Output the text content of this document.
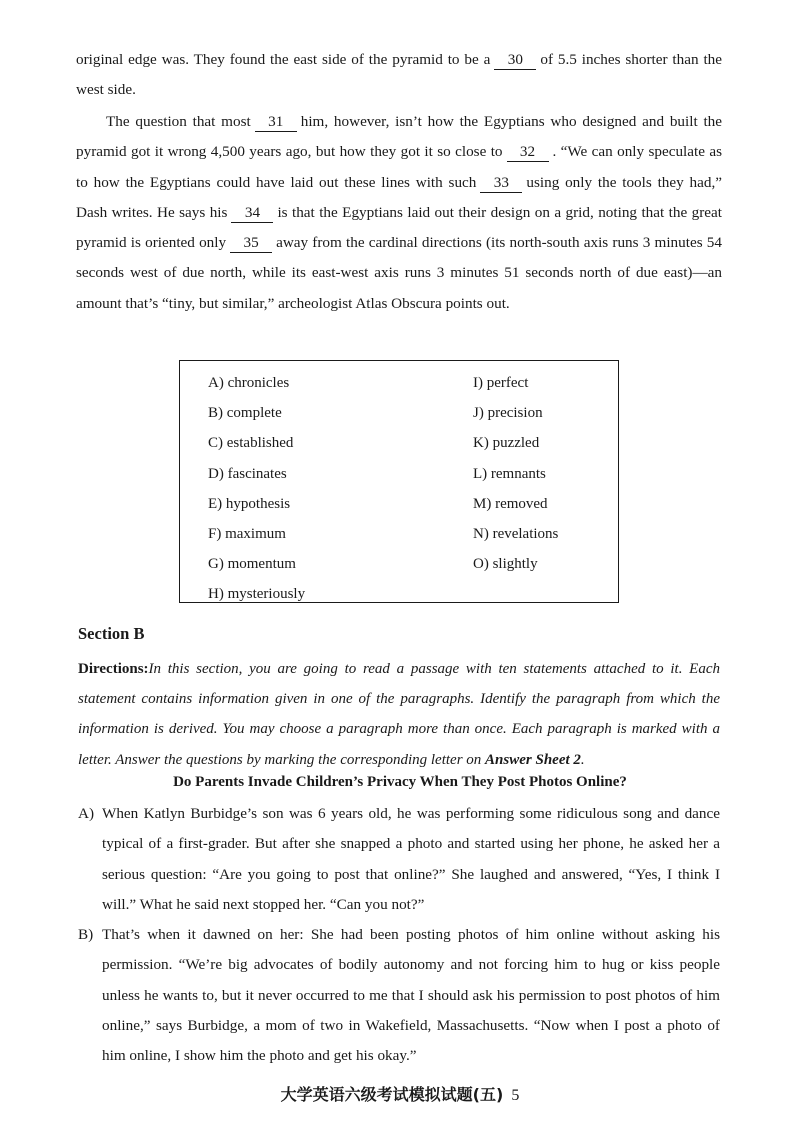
original edge was. They found the east side of the pyramid to be a 30 of 5.5 inches shorter than the west side.

The question that most 31 him, however, isn’t how the Egyptians who designed and built the pyramid got it wrong 4,500 years ago, but how they got it so close to 32 . “We can only speculate as to how the Egyptians could have laid out these lines with such 33 using only the tools they had,” Dash writes. He says his 34 is that the Egyptians laid out their design on a grid, noting that the great pyramid is oriented only 35 away from the cardinal directions (its north-south axis runs 3 minutes 54 seconds west of due north, while its east-west axis runs 3 minutes 51 seconds north of due east)—an amount that’s “tiny, but similar,” archeologist Atlas Obscura points out.

A) chronicles
B) complete
C) established
D) fascinates
E) hypothesis
F) maximum
G) momentum
H) mysteriously
I) perfect
J) precision
K) puzzled
L) remnants
M) removed
N) revelations
O) slightly
Section B

Directions:In this section, you are going to read a passage with ten statements attached to it. Each statement contains information given in one of the paragraphs. Identify the paragraph from which the information is derived. You may choose a paragraph more than once. Each paragraph is marked with a letter. Answer the questions by marking the corresponding letter on Answer Sheet 2.

Do Parents Invade Children’s Privacy When They Post Photos Online?

A) When Katlyn Burbidge’s son was 6 years old, he was performing some ridiculous song and dance typical of a first-grader. But after she snapped a photo and started using her phone, he asked her a serious question: “Are you going to post that online?” She laughed and answered, “Yes, I think I will.” What he said next stopped her. “Can you not?”

B) That’s when it dawned on her: She had been posting photos of him online without asking his permission. “We’re big advocates of bodily autonomy and not forcing him to hug or kiss people unless he wants to, but it never occurred to me that I should ask his permission to post photos of him online,” says Burbidge, a mom of two in Wakefield, Massachusetts. “Now when I post a photo of him online, I show him the photo and get his okay.”

大学英语六级考试模拟试题(五) 5
